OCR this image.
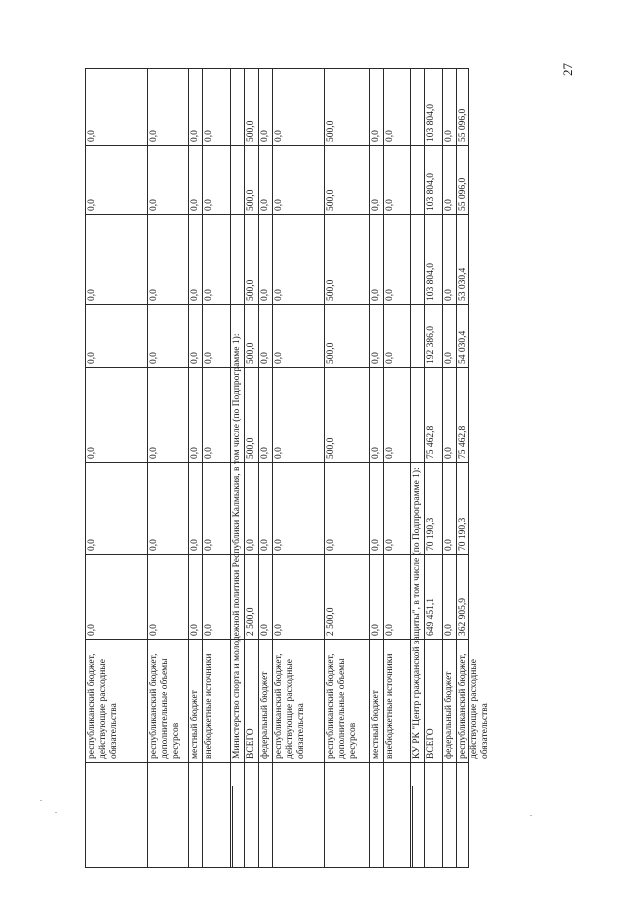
27
республиканский бюджет, действующие расходные обязательства	республиканский бюджет, дополнительные объемы ресурсов местный бюджет внебюджетные источники
0,0
0,0
0,0
0,0
0,0
0,0
0,0
0,0
0,0
0,0
0,0
0,0
0,0
0,0
0,0
0,0
0,0
0,0
0,0
0,0
0,0
0,0
0,0
0,0
0,0
0,0
0,0
0,0
Министерство спорта и молодежной политики Республики Калмыкия, в том числе (по Подпрограмме 1): ВСЕГО федеральный бюджет республиканский бюджет, действующие расходные обязательства республиканский бюджет, дополнительные объемы ресурсов местный бюджет внебюджетные источники
2 500,0
0,0
500,0
500,0
500,0
500,0
500,0
0,0
0,0
0,0
0,0
0,0
0,0
0,0
0,0
0,0
0,0
0,0
0,0
0,0
0,0
2 500,0
0,0
500,0
500,0
500,0
500,0
500,0
0,0
0,0
0,0
0,0
0,0
0,0
0,0
0,0
0,0
0,0
0,0
0,0
0,0
0,0
КУ РК "Центр гражданской защиты", в том числе (по Подпрограмме 1): ВСЕГО федеральный бюджет республиканский бюджет, действующие расходные обязательства
649 451,1
70 190,3
75 462,8
192 386,0
103 804,0
103 804,0
103 804,0
0,0
0,0
0,0
0,0
0,0
0,0
0,0
362 905,9
70 190,3
75 462,8
54 030,4
53 030,4
55 096,0
55 096,0
